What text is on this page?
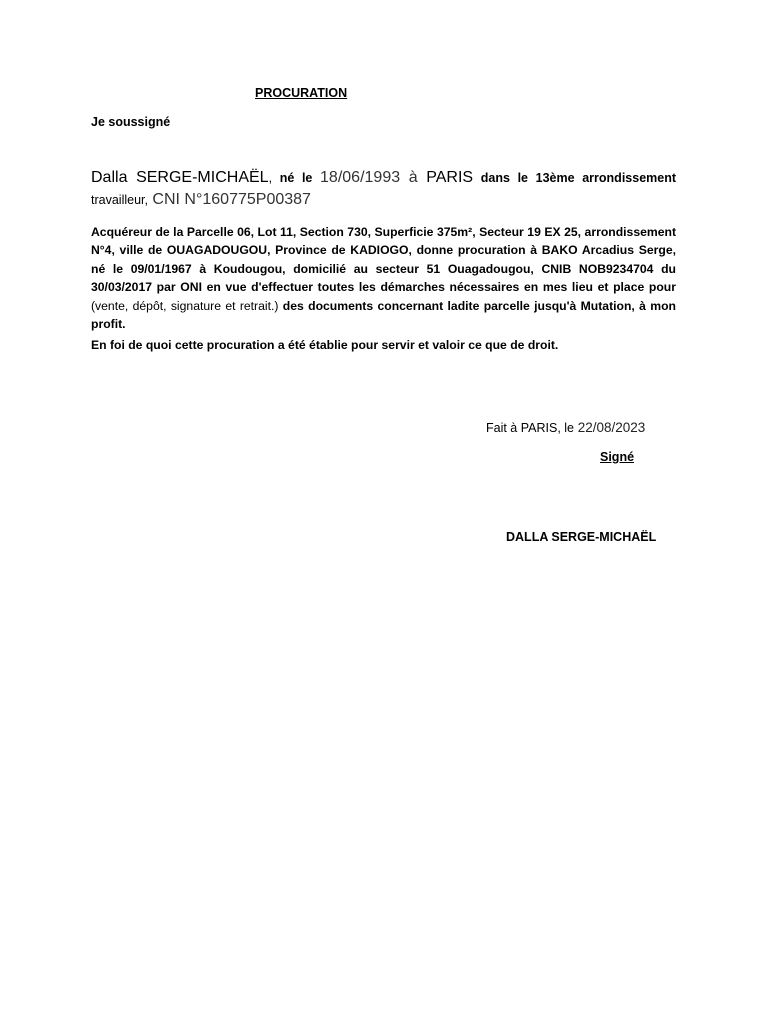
PROCURATION
Je soussigné
Dalla SERGE-MICHAËL, né le 18/06/1993 à PARIS dans le 13ème arrondissement travailleur, CNI N°160775P00387
Acquéreur de la Parcelle 06, Lot 11, Section 730, Superficie 375m², Secteur 19 EX 25, arrondissement N°4, ville de OUAGADOUGOU, Province de KADIOGO, donne procuration à BAKO Arcadius Serge, né le 09/01/1967 à Koudougou, domicilié au secteur 51 Ouagadougou, CNIB NOB9234704 du 30/03/2017 par ONI en vue d'effectuer toutes les démarches nécessaires en mes lieu et place pour (vente, dépôt, signature et retrait.) des documents concernant ladite parcelle jusqu'à Mutation, à mon profit.
En foi de quoi cette procuration a été établie pour servir et valoir ce que de droit.
Fait à PARIS, le 22/08/2023
Signé
DALLA SERGE-MICHAËL
